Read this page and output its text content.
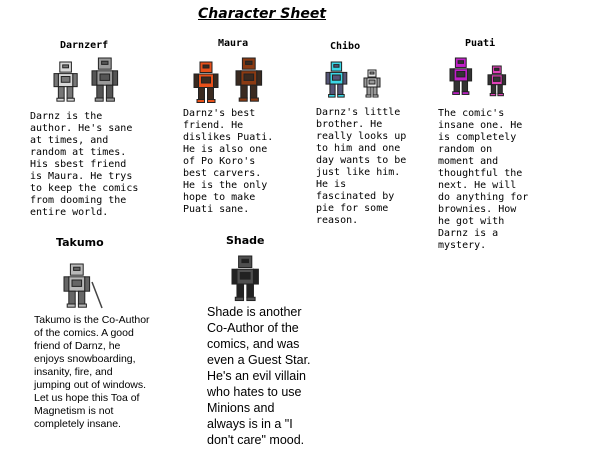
Character Sheet
Darnzerf
Darnz is the
author. He's sane
at times, and
random at times.
His sbest friend
is Maura. He trys
to keep the comics
from dooming the
entire world.
Maura
Darnz's best
friend. He
dislikes Puati.
He is also one
of Po Koro's
best carvers.
He is the only
hope to make
Puati sane.
Chibo
Darnz's little
brother. He
really looks up
to him and one
day wants to be
just like him.
He is
fascinated by
pie for some
reason.
Puati
The comic's
insane one. He
is completely
random on
moment and
thoughtful the
next. He will
do anything for
brownies. How
he got with
Darnz is a
mystery.
Takumo
Takumo is the Co-Author
of the comics. A good
friend of Darnz, he
enjoys snowboarding,
insanity, fire, and
jumping out of windows.
Let us hope this Toa of
Magnetism is not
completely insane.
Shade
Shade is another
Co-Author of the
comics, and was
even a Guest Star.
He's an evil villain
who hates to use
Minions and
always is in a "I
don't care" mood.
